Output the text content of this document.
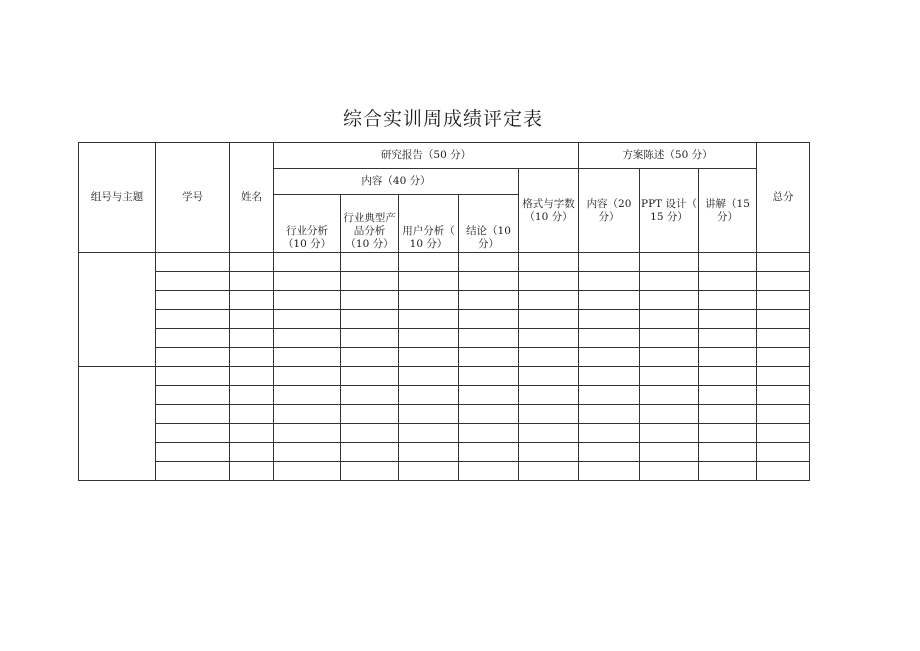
综合实训周成绩评定表
组号与主题	学号	姓名	研究报告（50 分）					方案陈述（50 分）			总分
			内容（40 分）				格式与字数（10 分）	内容（20 分）	PPT 设计（ 15 分）	讲解（15 分）	
			行业分析（10 分）	行业典型产品分析（10 分）	用户分析（ 10 分）	结论（10 分）					
